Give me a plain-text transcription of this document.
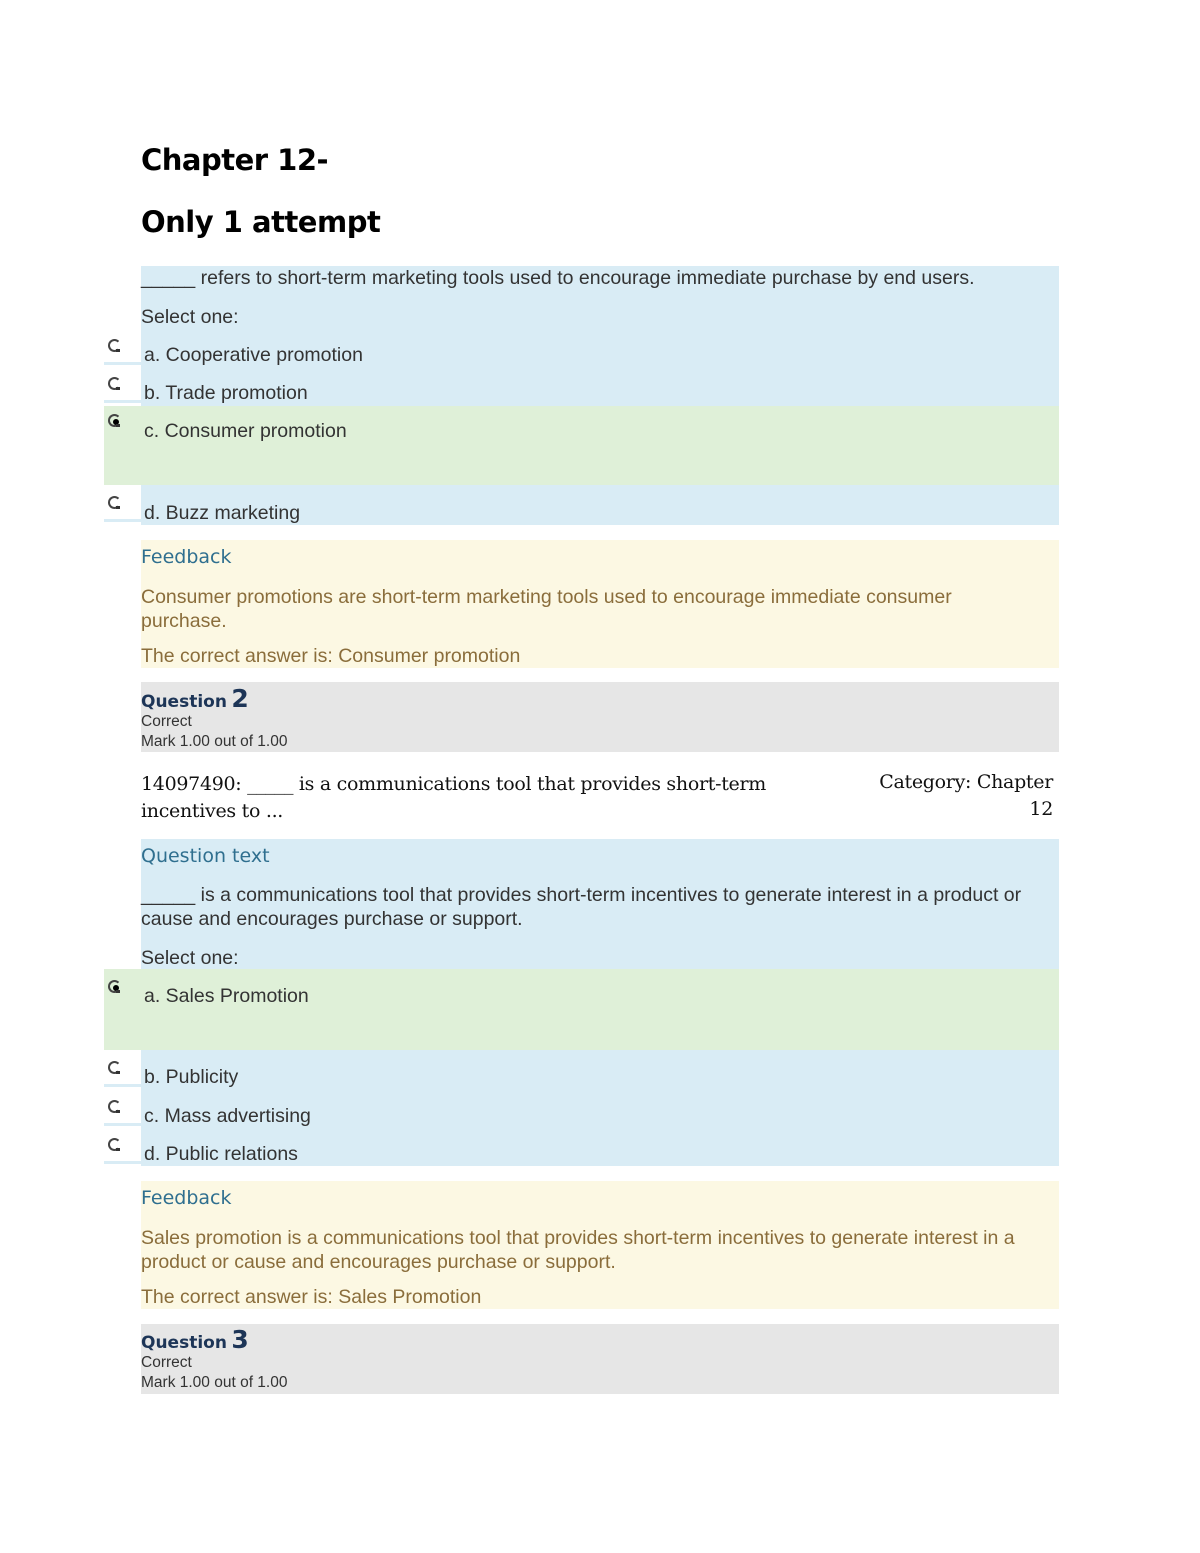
Chapter 12-
Only 1 attempt
_____ refers to short-term marketing tools used to encourage immediate purchase by end users.
Select one:
a. Cooperative promotion
b. Trade promotion
c. Consumer promotion
d. Buzz marketing
Feedback
Consumer promotions are short-term marketing tools used to encourage immediate consumer purchase.
The correct answer is: Consumer promotion
Question 2
Correct
Mark 1.00 out of 1.00
14097490: _____ is a communications tool that provides short-term incentives to ...
Category: Chapter
12
Question text
_____ is a communications tool that provides short-term incentives to generate interest in a product or cause and encourages purchase or support.
Select one:
a. Sales Promotion
b. Publicity
c. Mass advertising
d. Public relations
Feedback
Sales promotion is a communications tool that provides short-term incentives to generate interest in a product or cause and encourages purchase or support.
The correct answer is: Sales Promotion
Question 3
Correct
Mark 1.00 out of 1.00
